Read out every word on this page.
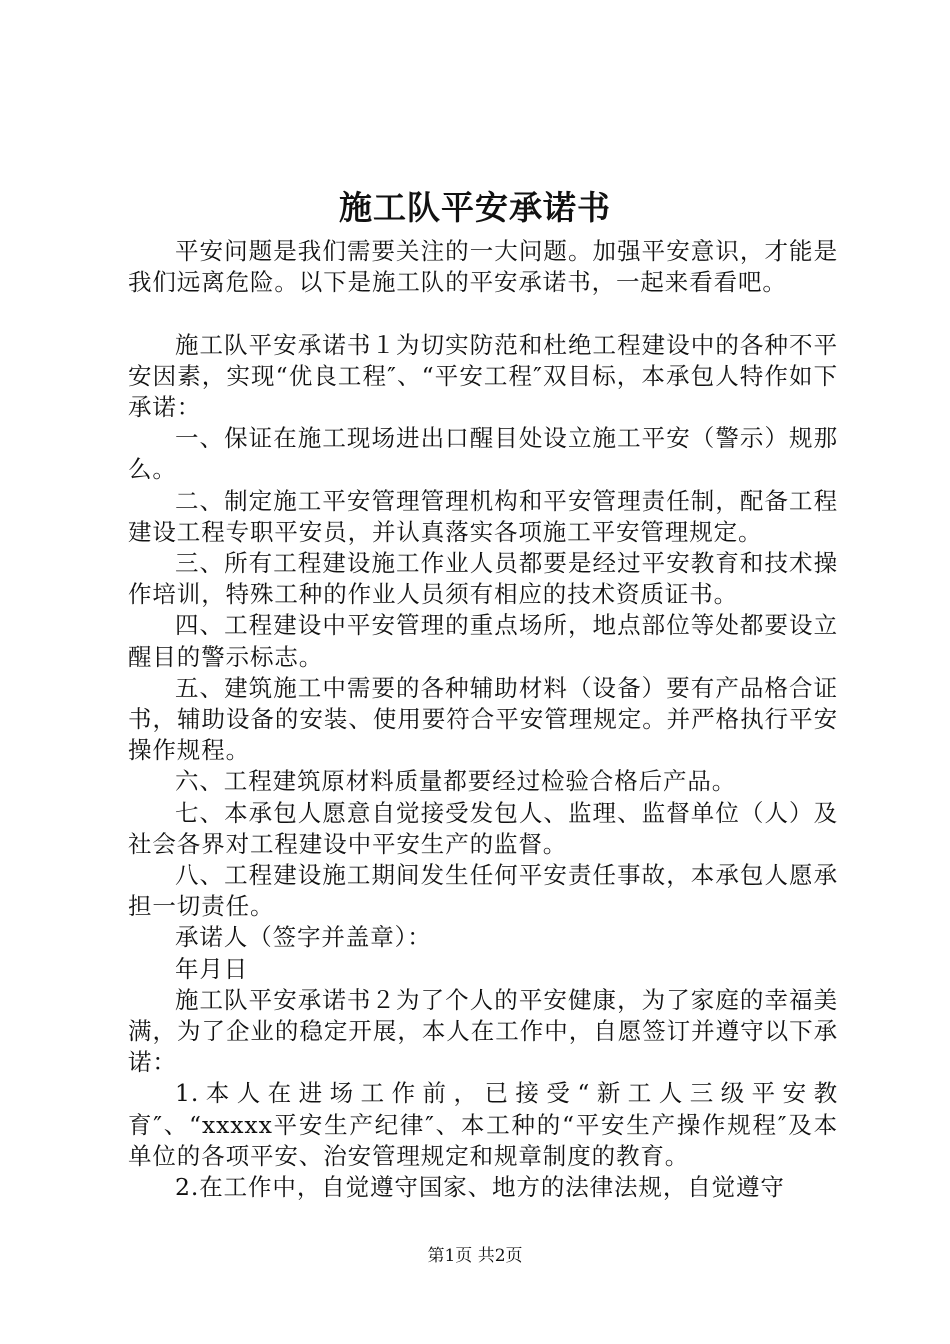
施工队平安承诺书

平安问题是我们需要关注的一大问题。加强平安意识，才能是我们远离危险。以下是施工队的平安承诺书，一起来看看吧。

施工队平安承诺书１为切实防范和杜绝工程建设中的各种不平安因素，实现“优良工程″、“平安工程″双目标，本承包人特作如下承诺：

一、保证在施工现场进出口醒目处设立施工平安（警示）规那么。

二、制定施工平安管理管理机构和平安管理责任制，配备工程建设工程专职平安员，并认真落实各项施工平安管理规定。

三、所有工程建设施工作业人员都要是经过平安教育和技术操作培训，特殊工种的作业人员须有相应的技术资质证书。

四、工程建设中平安管理的重点场所，地点部位等处都要设立醒目的警示标志。

五、建筑施工中需要的各种辅助材料（设备）要有产品格合证书，辅助设备的安装、使用要符合平安管理规定。并严格执行平安操作规程。

六、工程建筑原材料质量都要经过检验合格后产品。

七、本承包人愿意自觉接受发包人、监理、监督单位（人）及社会各界对工程建设中平安生产的监督。

八、工程建设施工期间发生任何平安责任事故，本承包人愿承担一切责任。

承诺人（签字并盖章）：

年月日

施工队平安承诺书２为了个人的平安健康，为了家庭的幸福美满，为了企业的稳定开展，本人在工作中，自愿签订并遵守以下承诺：

1.本人在进场工作前，已接受“新工人三级平安教育″、“xxxxx平安生产纪律″、本工种的“平安生产操作规程″及本单位的各项平安、治安管理规定和规章制度的教育。

2.在工作中，自觉遵守国家、地方的法律法规，自觉遵守

第1页 共2页
